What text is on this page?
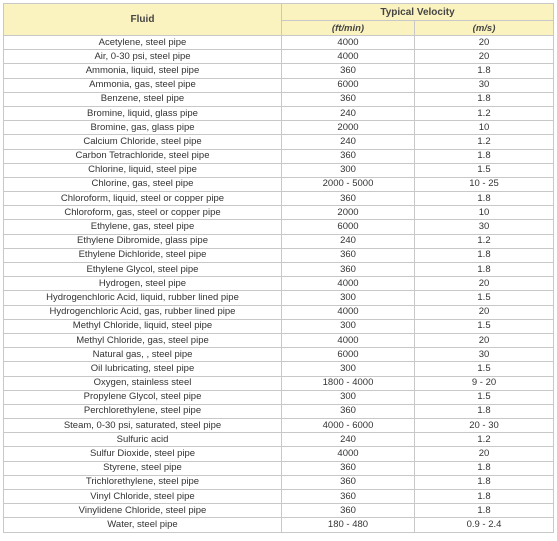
Fluid	Typical Velocity	
	(ft/min)	(m/s)
Acetylene, steel pipe	4000	20
Air, 0-30 psi, steel pipe	4000	20
Ammonia, liquid, steel pipe	360	1.8
Ammonia, gas, steel pipe	6000	30
Benzene, steel pipe	360	1.8
Bromine, liquid, glass pipe	240	1.2
Bromine, gas, glass pipe	2000	10
Calcium Chloride, steel pipe	240	1.2
Carbon Tetrachloride, steel pipe	360	1.8
Chlorine, liquid, steel pipe	300	1.5
Chlorine, gas, steel pipe	2000 - 5000	10 - 25
Chloroform, liquid, steel or copper pipe	360	1.8
Chloroform, gas, steel or copper pipe	2000	10
Ethylene, gas, steel pipe	6000	30
Ethylene Dibromide, glass pipe	240	1.2
Ethylene Dichloride, steel pipe	360	1.8
Ethylene Glycol, steel pipe	360	1.8
Hydrogen, steel pipe	4000	20
Hydrogenchloric Acid, liquid, rubber lined pipe	300	1.5
Hydrogenchloric Acid, gas, rubber lined pipe	4000	20
Methyl Chloride, liquid, steel pipe	300	1.5
Methyl Chloride, gas, steel pipe	4000	20
Natural gas, , steel pipe	6000	30
Oil lubricating, steel pipe	300	1.5
Oxygen, stainless steel	1800 - 4000	9 - 20
Propylene Glycol, steel pipe	300	1.5
Perchlorethylene, steel pipe	360	1.8
Steam, 0-30 psi, saturated, steel pipe	4000 - 6000	20 - 30
Sulfuric acid	240	1.2
Sulfur Dioxide, steel pipe	4000	20
Styrene, steel pipe	360	1.8
Trichlorethylene, steel pipe	360	1.8
Vinyl Chloride, steel pipe	360	1.8
Vinylidene Chloride, steel pipe	360	1.8
Water, steel pipe	180 - 480	0.9 - 2.4
